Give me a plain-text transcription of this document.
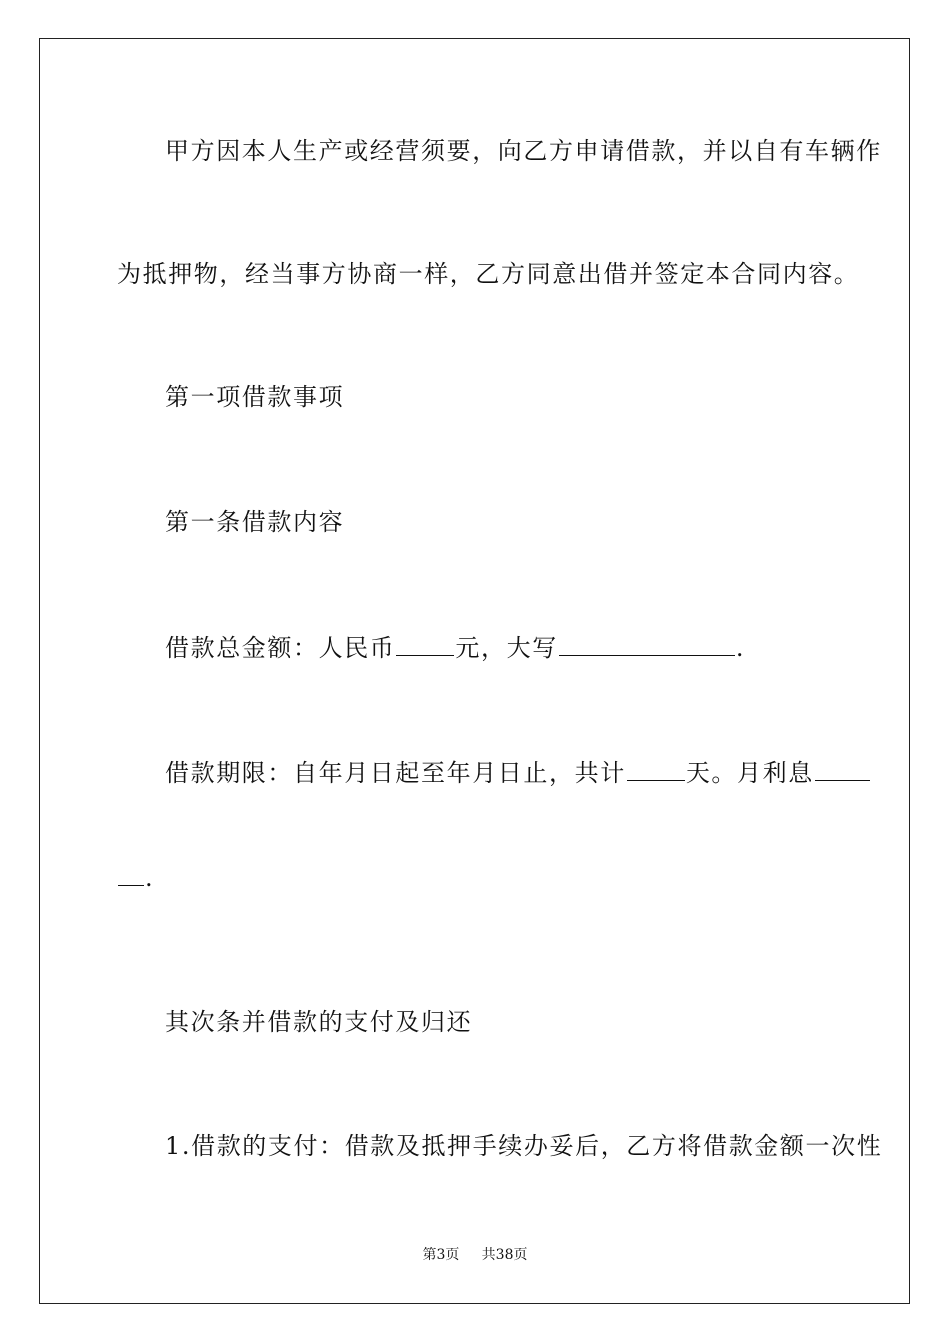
甲方因本人生产或经营须要，向乙方申请借款，并以自有车辆作
为抵押物，经当事方协商一样，乙方同意出借并签定本合同内容。
第一项借款事项
第一条借款内容
借款总金额：人民币	元，大写	.
借款期限：自年月日起至年月日止，共计	天。月利息
.
其次条并借款的支付及归还
1.借款的支付：借款及抵押手续办妥后，乙方将借款金额一次性
第3页 共38页
